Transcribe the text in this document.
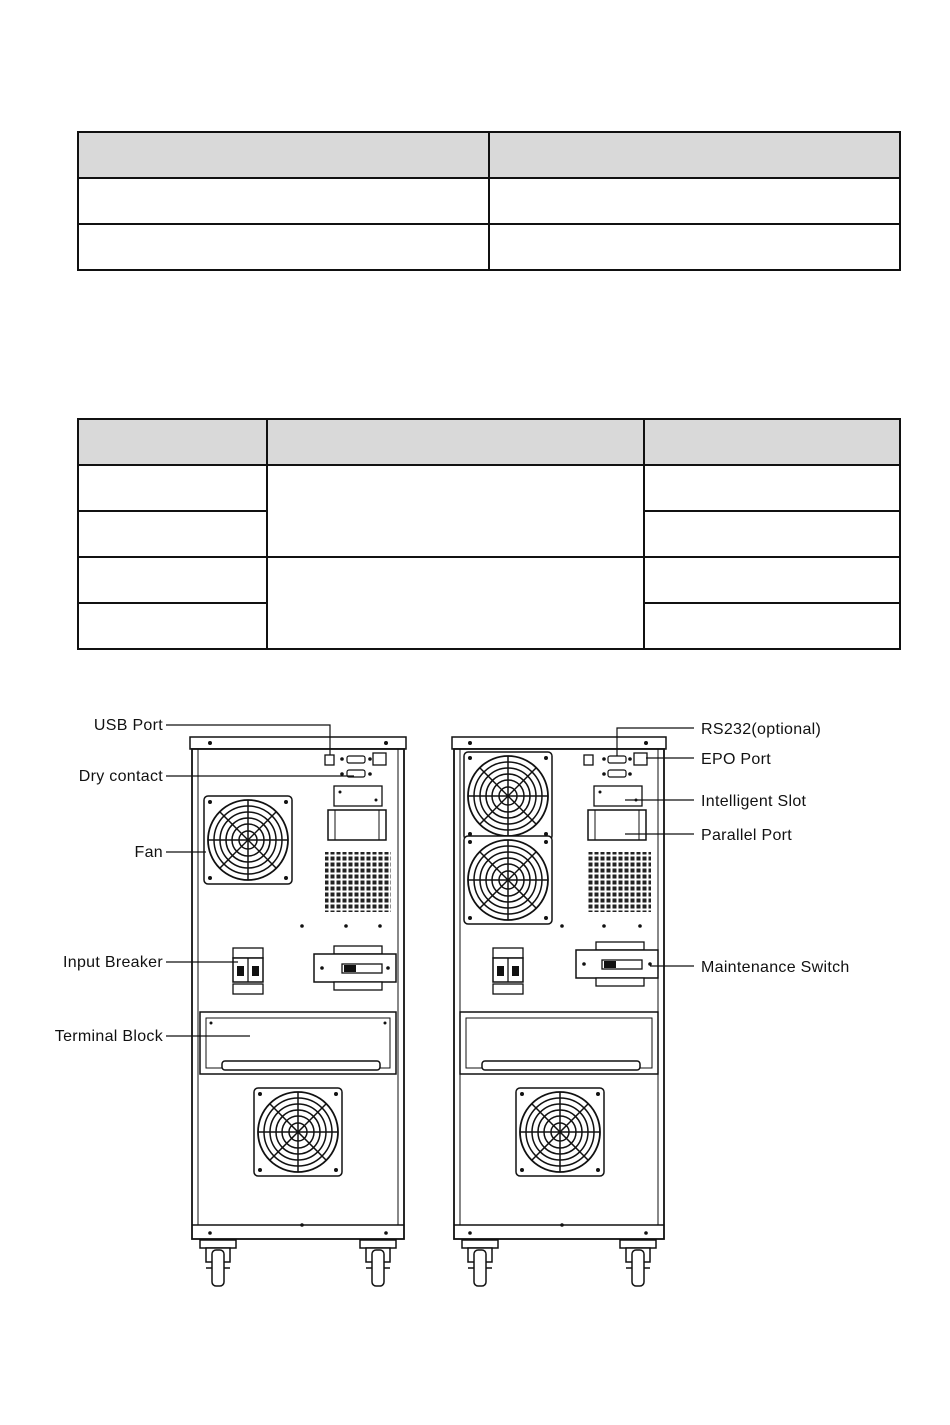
USB Port
Dry contact
Fan
Input Breaker
Terminal Block
RS232(optional)
EPO Port
Intelligent Slot
Parallel Port
Maintenance Switch
